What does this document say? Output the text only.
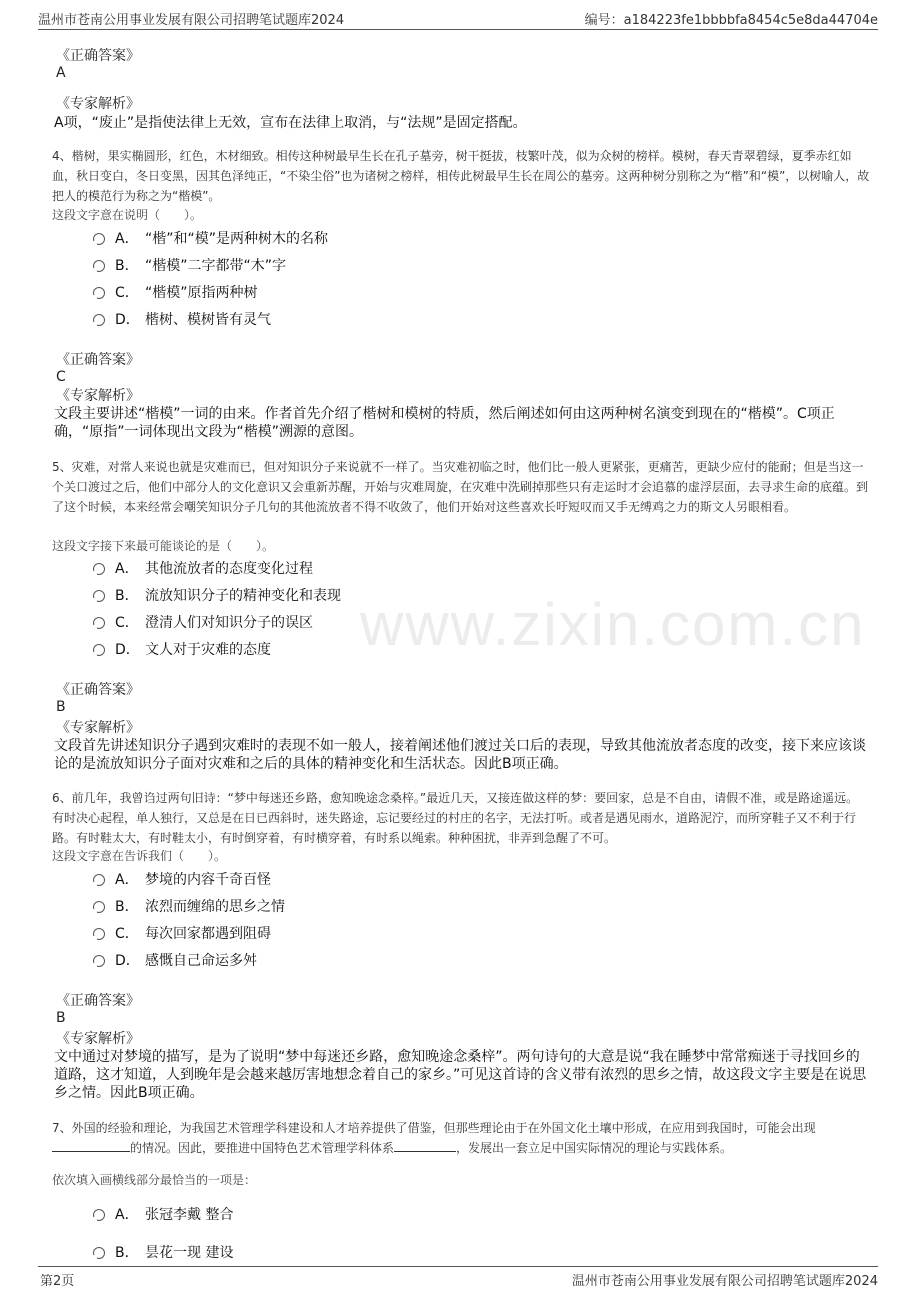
温州市苍南公用事业发展有限公司招聘笔试题库2024	编号：a184223fe1bbbbfa8454c5e8da44704e
www.zixin.com.cn
《正确答案》
A
《专家解析》
A项，“废止”是指使法律上无效，宣布在法律上取消，与“法规”是固定搭配。
4、楷树，果实椭圆形，红色，木材细致。相传这种树最早生长在孔子墓旁，树干挺拔，枝繁叶茂，似为众树的榜样。模树，春天青翠碧绿，夏季赤红如血，秋日变白，冬日变黑，因其色泽纯正，“不染尘俗”也为诸树之榜样，相传此树最早生长在周公的墓旁。这两种树分别称之为“楷”和“模”，以树喻人，故把人的模范行为称之为“楷模”。
这段文字意在说明（　　）。
A． “楷”和“模”是两种树木的名称
B． “楷模”二字都带“木”字
C． “楷模”原指两种树
D． 楷树、模树皆有灵气
《正确答案》
C
《专家解析》
文段主要讲述“楷模”一词的由来。作者首先介绍了楷树和模树的特质，然后阐述如何由这两种树名演变到现在的“楷模”。C项正确，“原指”一词体现出文段为“楷模”溯源的意图。
5、灾难，对常人来说也就是灾难而已，但对知识分子来说就不一样了。当灾难初临之时，他们比一般人更紧张，更痛苦，更缺少应付的能耐；但是当这一个关口渡过之后，他们中部分人的文化意识又会重新苏醒，开始与灾难周旋，在灾难中洗刷掉那些只有走运时才会追慕的虚浮层面，去寻求生命的底蕴。到了这个时候，本来经常会嘲笑知识分子几句的其他流放者不得不收敛了，他们开始对这些喜欢长吁短叹而又手无缚鸡之力的斯文人另眼相看。
这段文字接下来最可能谈论的是（　　）。
A． 其他流放者的态度变化过程
B． 流放知识分子的精神变化和表现
C． 澄清人们对知识分子的误区
D． 文人对于灾难的态度
《正确答案》
B
《专家解析》
文段首先讲述知识分子遇到灾难时的表现不如一般人，接着阐述他们渡过关口后的表现，导致其他流放者态度的改变，接下来应该谈论的是流放知识分子面对灾难和之后的具体的精神变化和生活状态。因此B项正确。
6、前几年，我曾诌过两句旧诗：“梦中每迷还乡路，愈知晚途念桑梓。”最近几天，又接连做这样的梦：要回家，总是不自由，请假不准，或是路途遥远。有时决心起程，单人独行，又总是在日已西斜时，迷失路途，忘记要经过的村庄的名字，无法打听。或者是遇见雨水，道路泥泞，而所穿鞋子又不利于行路。有时鞋太大，有时鞋太小，有时倒穿着，有时横穿着，有时系以绳索。种种困扰，非弄到急醒了不可。
这段文字意在告诉我们（　　）。
A． 梦境的内容千奇百怪
B． 浓烈而缠绵的思乡之情
C． 每次回家都遇到阻碍
D． 感慨自己命运多舛
《正确答案》
B
《专家解析》
文中通过对梦境的描写，是为了说明“梦中每迷还乡路，愈知晚途念桑梓”。两句诗句的大意是说“我在睡梦中常常痴迷于寻找回乡的道路，这才知道，人到晚年是会越来越厉害地想念着自己的家乡。”可见这首诗的含义带有浓烈的思乡之情，故这段文字主要是在说思乡之情。因此B项正确。
7、外国的经验和理论，为我国艺术管理学科建设和人才培养提供了借鉴，但那些理论由于在外国文化土壤中形成，在应用到我国时，可能会出现的情况。因此，要推进中国特色艺术管理学科体系	，发展出一套立足中国实际情况的理论与实践体系。
依次填入画横线部分最恰当的一项是：
A． 张冠李戴 整合
B． 昙花一现 建设
第2页	温州市苍南公用事业发展有限公司招聘笔试题库2024
